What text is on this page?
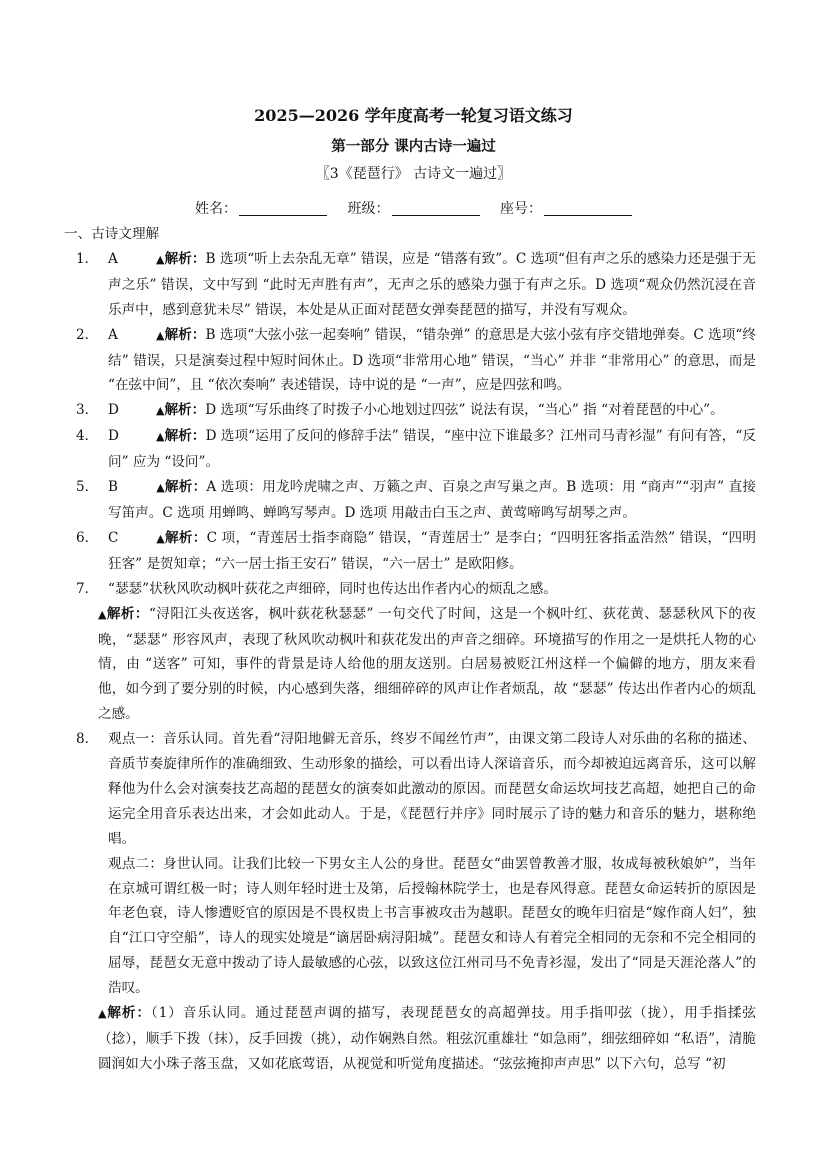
2025—2026 学年度高考一轮复习语文练习
第一部分 课内古诗一遍过
〖3《琵琶行》 古诗文一遍过〗
姓名：	班级：	座号：

一、古诗文理解

1． A	▲解析：B 选项“听上去杂乱无章” 错误，应是 “错落有致”。C 选项“但有声之乐的感染力还是强于无声之乐” 错误，文中写到 “此时无声胜有声”，无声之乐的感染力强于有声之乐。D 选项“观众仍然沉浸在音乐声中，感到意犹未尽” 错误，本处是从正面对琵琶女弹奏琵琶的描写，并没有写观众。

2． A	▲解析：B 选项“大弦小弦一起奏响” 错误，“错杂弹” 的意思是大弦小弦有序交错地弹奏。C 选项“终结” 错误，只是演奏过程中短时间休止。D 选项“非常用心地” 错误，“当心” 并非 “非常用心” 的意思，而是 “在弦中间”，且 “依次奏响” 表述错误，诗中说的是 “一声”，应是四弦和鸣。

3． D	▲解析：D 选项“写乐曲终了时拨子小心地划过四弦” 说法有误，“当心” 指 “对着琵琶的中心”。

4． D	▲解析：D 选项“运用了反问的修辞手法” 错误，“座中泣下谁最多？江州司马青衫湿” 有问有答，“反问” 应为 “设问”。

5． B	▲解析：A 选项：用龙吟虎啸之声、万籁之声、百泉之声写巢之声。B 选项：用 “商声”“羽声” 直接写笛声。C 选项 用蝉鸣、蝉鸣写琴声。D 选项 用敲击白玉之声、黄莺啼鸣写胡琴之声。

6． C	▲解析：C 项，“青莲居士指李商隐” 错误，“青莲居士” 是李白；“四明狂客指孟浩然” 错误，“四明狂客” 是贺知章；“六一居士指王安石” 错误，“六一居士” 是欧阳修。

7． “瑟瑟”状秋风吹动枫叶荻花之声细碎，同时也传达出作者内心的烦乱之感。

▲解析：“浔阳江头夜送客，枫叶荻花秋瑟瑟” 一句交代了时间，这是一个枫叶红、荻花黄、瑟瑟秋风下的夜晚，“瑟瑟” 形容风声，表现了秋风吹动枫叶和荻花发出的声音之细碎。环境描写的作用之一是烘托人物的心情，由 “送客” 可知，事件的背景是诗人给他的朋友送别。白居易被贬江州这样一个偏僻的地方，朋友来看他，如今到了要分别的时候，内心感到失落，细细碎碎的风声让作者烦乱，故 “瑟瑟” 传达出作者内心的烦乱之感。

8． 观点一：音乐认同。首先看“浔阳地僻无音乐，终岁不闻丝竹声”，由课文第二段诗人对乐曲的名称的描述、音质节奏旋律所作的准确细致、生动形象的描绘，可以看出诗人深谙音乐，而今却被迫远离音乐，这可以解释他为什么会对演奏技艺高超的琵琶女的演奏如此激动的原因。而琵琶女命运坎坷技艺高超，她把自己的命运完全用音乐表达出来，才会如此动人。于是，《琵琶行并序》同时展示了诗的魅力和音乐的魅力，堪称绝唱。

观点二：身世认同。让我们比较一下男女主人公的身世。琵琶女“曲罢曾教善才服，妆成每被秋娘妒”，当年在京城可谓红极一时；诗人则年轻时进士及第，后授翰林院学士，也是春风得意。琵琶女命运转折的原因是年老色衰，诗人惨遭贬官的原因是不畏权贵上书言事被攻击为越职。琵琶女的晚年归宿是“嫁作商人妇”，独自“江口守空船”，诗人的现实处境是“谪居卧病浔阳城”。琵琶女和诗人有着完全相同的无奈和不完全相同的屈辱，琵琶女无意中拨动了诗人最敏感的心弦，以致这位江州司马不免青衫湿，发出了“同是天涯沦落人”的浩叹。

▲解析：（1）音乐认同。通过琵琶声调的描写，表现琵琶女的高超弹技。用手指叩弦（拢），用手指揉弦（捻），顺手下拨（抹），反手回拨（挑），动作娴熟自然。粗弦沉重雄壮 “如急雨”，细弦细碎如 “私语”，清脆圆润如大小珠子落玉盘，又如花底莺语，从视觉和听觉角度描述。“弦弦掩抑声声思” 以下六句，总写 “初
